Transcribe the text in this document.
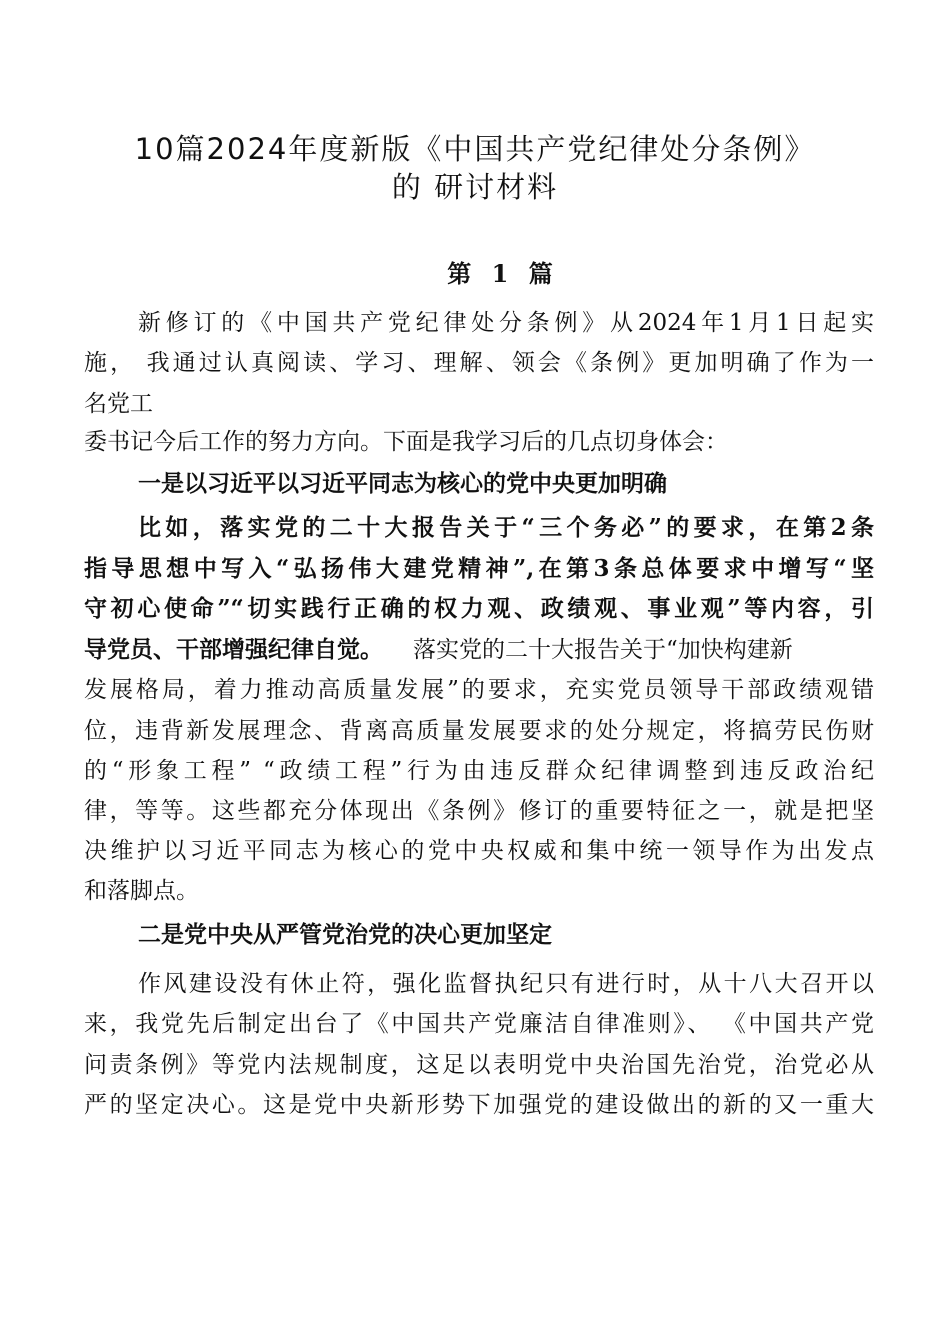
10篇2024年度新版《中国共产党纪律处分条例》
的 研讨材料
第 1 篇
新修订的《中国共产党纪律处分条例》从2024年1月1日起实
施， 我通过认真阅读、学习、理解、领会《条例》更加明确了作为一
名党工
委书记今后工作的努力方向。下面是我学习后的几点切身体会：
一是以习近平以习近平同志为核心的党中央更加明确
比如，落实党的二十大报告关于“三个务必”的要求，在第2条
指导思想中写入“弘扬伟大建党精神”,在第3条总体要求中增写“坚
守初心使命”“切实践行正确的权力观、政绩观、事业观”等内容，引
导党员、干部增强纪律自觉。 落实党的二十大报告关于“加快构建新
发展格局，着力推动高质量发展”的要求，充实党员领导干部政绩观错
位，违背新发展理念、背离高质量发展要求的处分规定，将搞劳民伤财
的“形象工程” “政绩工程”行为由违反群众纪律调整到违反政治纪
律，等等。这些都充分体现出《条例》修订的重要特征之一，就是把坚
决维护以习近平同志为核心的党中央权威和集中统一领导作为出发点
和落脚点。
二是党中央从严管党治党的决心更加坚定
作风建设没有休止符，强化监督执纪只有进行时，从十八大召开以
来，我党先后制定出台了《中国共产党廉洁自律准则》、 《中国共产党
问责条例》等党内法规制度，这足以表明党中央治国先治党，治党必从
严的坚定决心。这是党中央新形势下加强党的建设做出的新的又一重大
